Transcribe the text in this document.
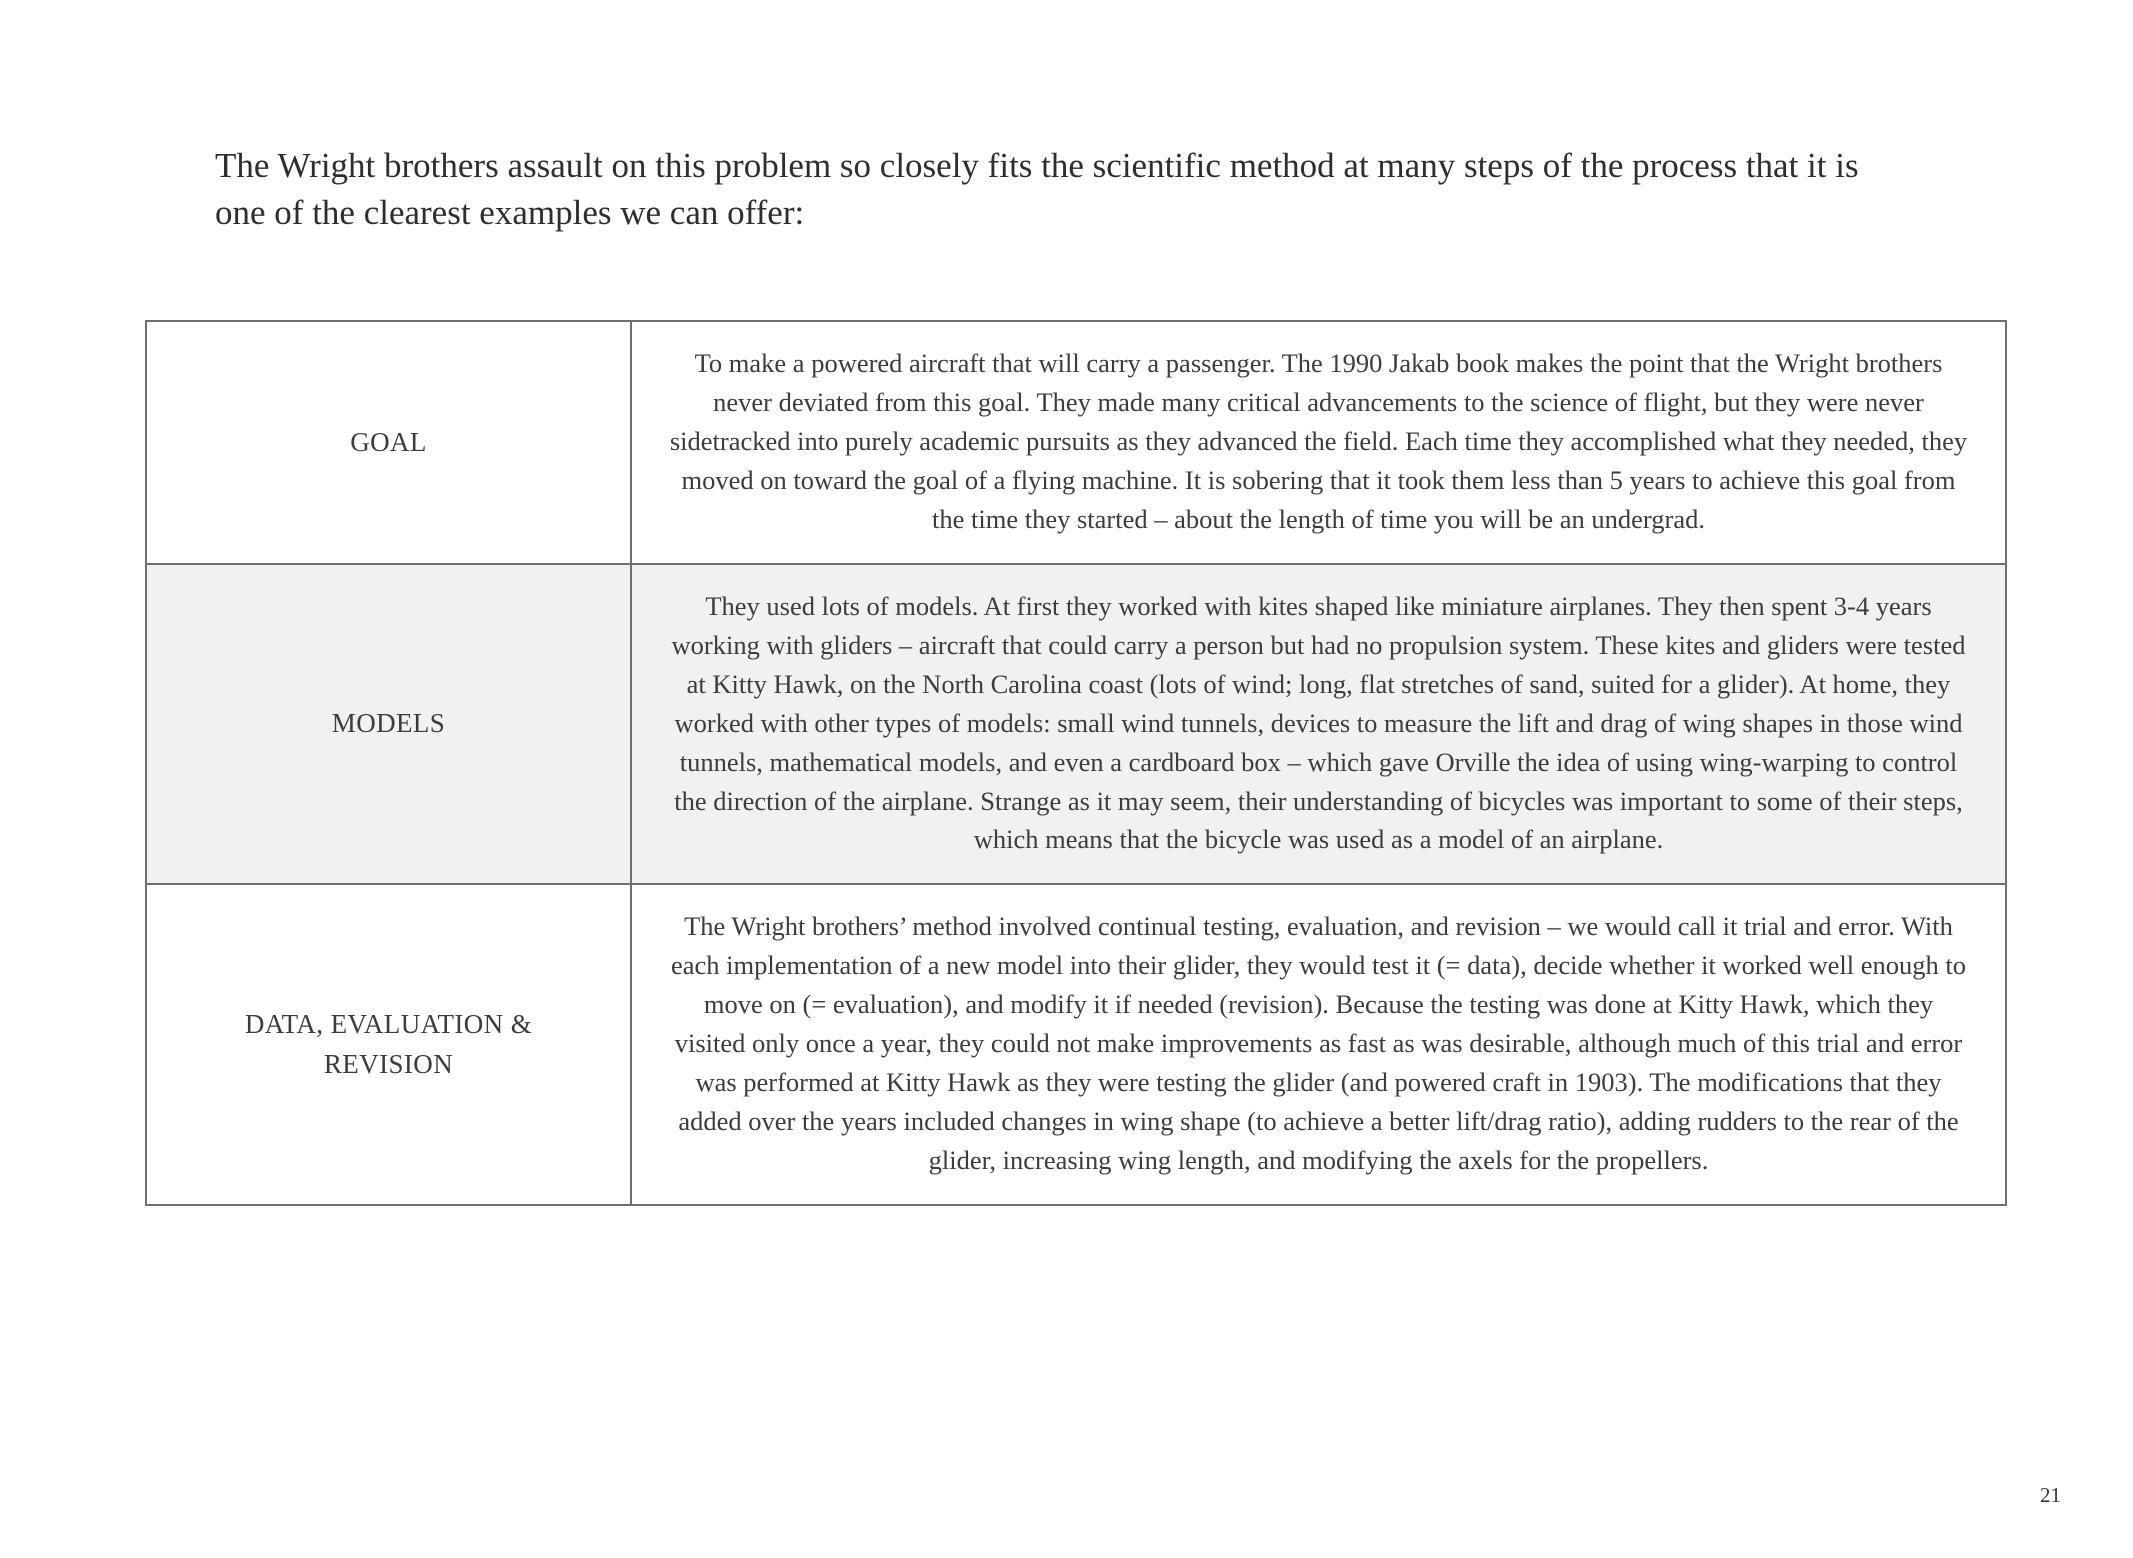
The Wright brothers assault on this problem so closely fits the scientific method at many steps of the process that it is one of the clearest examples we can offer:
GOAL	To make a powered aircraft that will carry a passenger. The 1990 Jakab book makes the point that the Wright brothers never deviated from this goal. They made many critical advancements to the science of flight, but they were never sidetracked into purely academic pursuits as they advanced the field. Each time they accomplished what they needed, they moved on toward the goal of a flying machine. It is sobering that it took them less than 5 years to achieve this goal from the time they started – about the length of time you will be an undergrad.

MODELS	They used lots of models. At first they worked with kites shaped like miniature airplanes. They then spent 3-4 years working with gliders – aircraft that could carry a person but had no propulsion system. These kites and gliders were tested at Kitty Hawk, on the North Carolina coast (lots of wind; long, flat stretches of sand, suited for a glider). At home, they worked with other types of models: small wind tunnels, devices to measure the lift and drag of wing shapes in those wind tunnels, mathematical models, and even a cardboard box – which gave Orville the idea of using wing-warping to control the direction of the airplane. Strange as it may seem, their understanding of bicycles was important to some of their steps, which means that the bicycle was used as a model of an airplane.

DATA, EVALUATION &
REVISION	The Wright brothers’ method involved continual testing, evaluation, and revision – we would call it trial and error. With each implementation of a new model into their glider, they would test it (= data), decide whether it worked well enough to move on (= evaluation), and modify it if needed (revision). Because the testing was done at Kitty Hawk, which they visited only once a year, they could not make improvements as fast as was desirable, although much of this trial and error was performed at Kitty Hawk as they were testing the glider (and powered craft in 1903). The modifications that they added over the years included changes in wing shape (to achieve a better lift/drag ratio), adding rudders to the rear of the glider, increasing wing length, and modifying the axels for the propellers.
21
